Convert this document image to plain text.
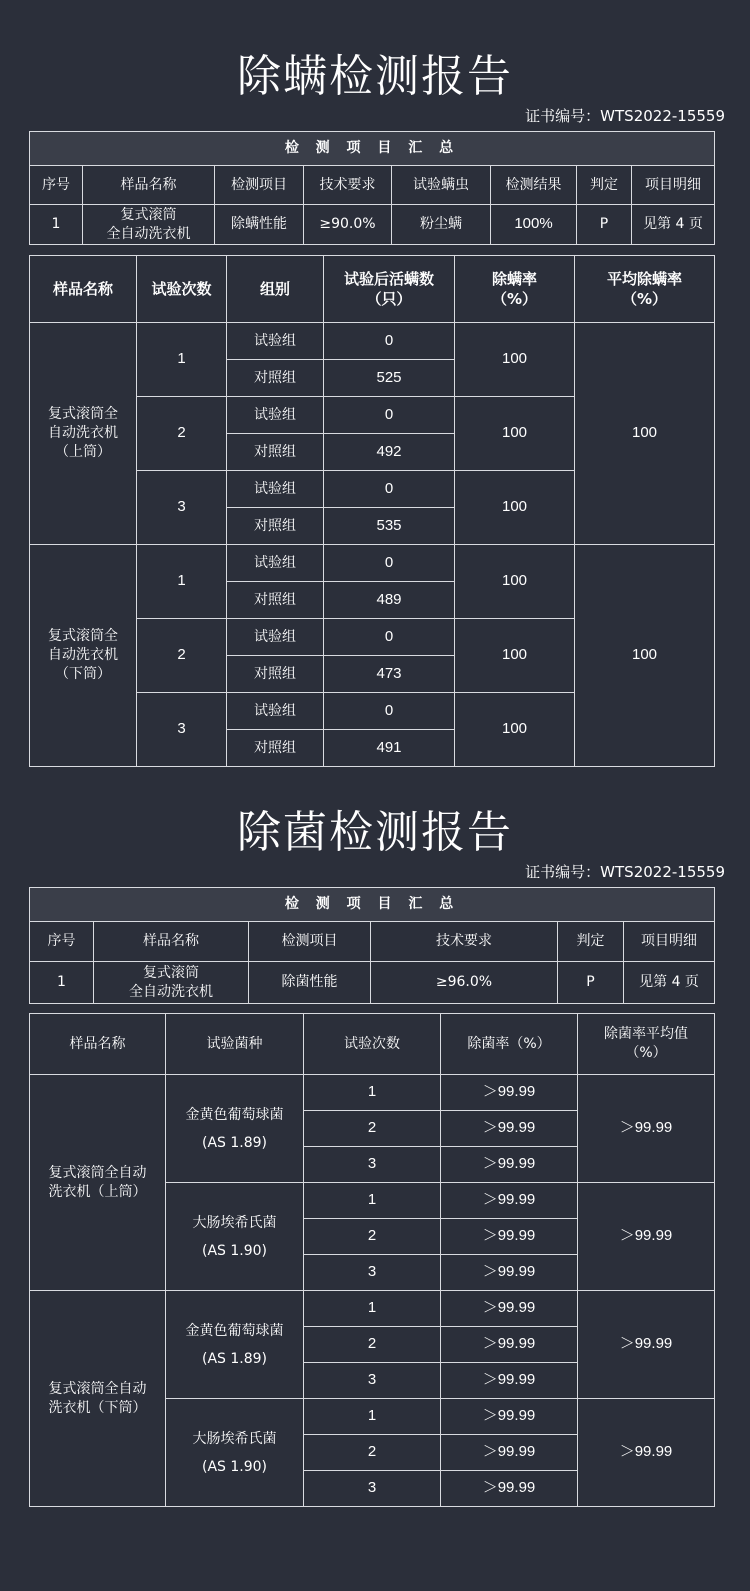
除螨检测报告
证书编号：WTS2022-15559
检 测 项 目 汇 总							
序号	样品名称	检测项目	技术要求	试验螨虫	检测结果	判定	项目明细
1	复式滚筒
全自动洗衣机	除螨性能	≥90.0%	粉尘螨	100%	P	见第 4 页
样品名称	试验次数	组别	试验后活螨数
（只）	除螨率
（%）	平均除螨率
（%）
复式滚筒全
自动洗衣机
（上筒）	1	试验组	0	100	100
		对照组	525		
	2	试验组	0	100	
		对照组	492		
	3	试验组	0	100	
		对照组	535		
复式滚筒全
自动洗衣机
（下筒）	1	试验组	0	100	100
		对照组	489		
	2	试验组	0	100	
		对照组	473		
	3	试验组	0	100	
		对照组	491		
除菌检测报告
证书编号：WTS2022-15559
检 测 项 目 汇 总					
序号	样品名称	检测项目	技术要求	判定	项目明细
1	复式滚筒
全自动洗衣机	除菌性能	≥96.0%	P	见第 4 页
样品名称	试验菌种	试验次数	除菌率（%）	除菌率平均值
（%）
复式滚筒全自动
洗衣机（上筒）	金黄色葡萄球菌
(AS 1.89)	1	＞99.99	＞99.99
		2	＞99.99	
		3	＞99.99	
	大肠埃希氏菌
(AS 1.90)	1	＞99.99	＞99.99
		2	＞99.99	
		3	＞99.99	
复式滚筒全自动
洗衣机（下筒）	金黄色葡萄球菌
(AS 1.89)	1	＞99.99	＞99.99
		2	＞99.99	
		3	＞99.99	
	大肠埃希氏菌
(AS 1.90)	1	＞99.99	＞99.99
		2	＞99.99	
		3	＞99.99	
